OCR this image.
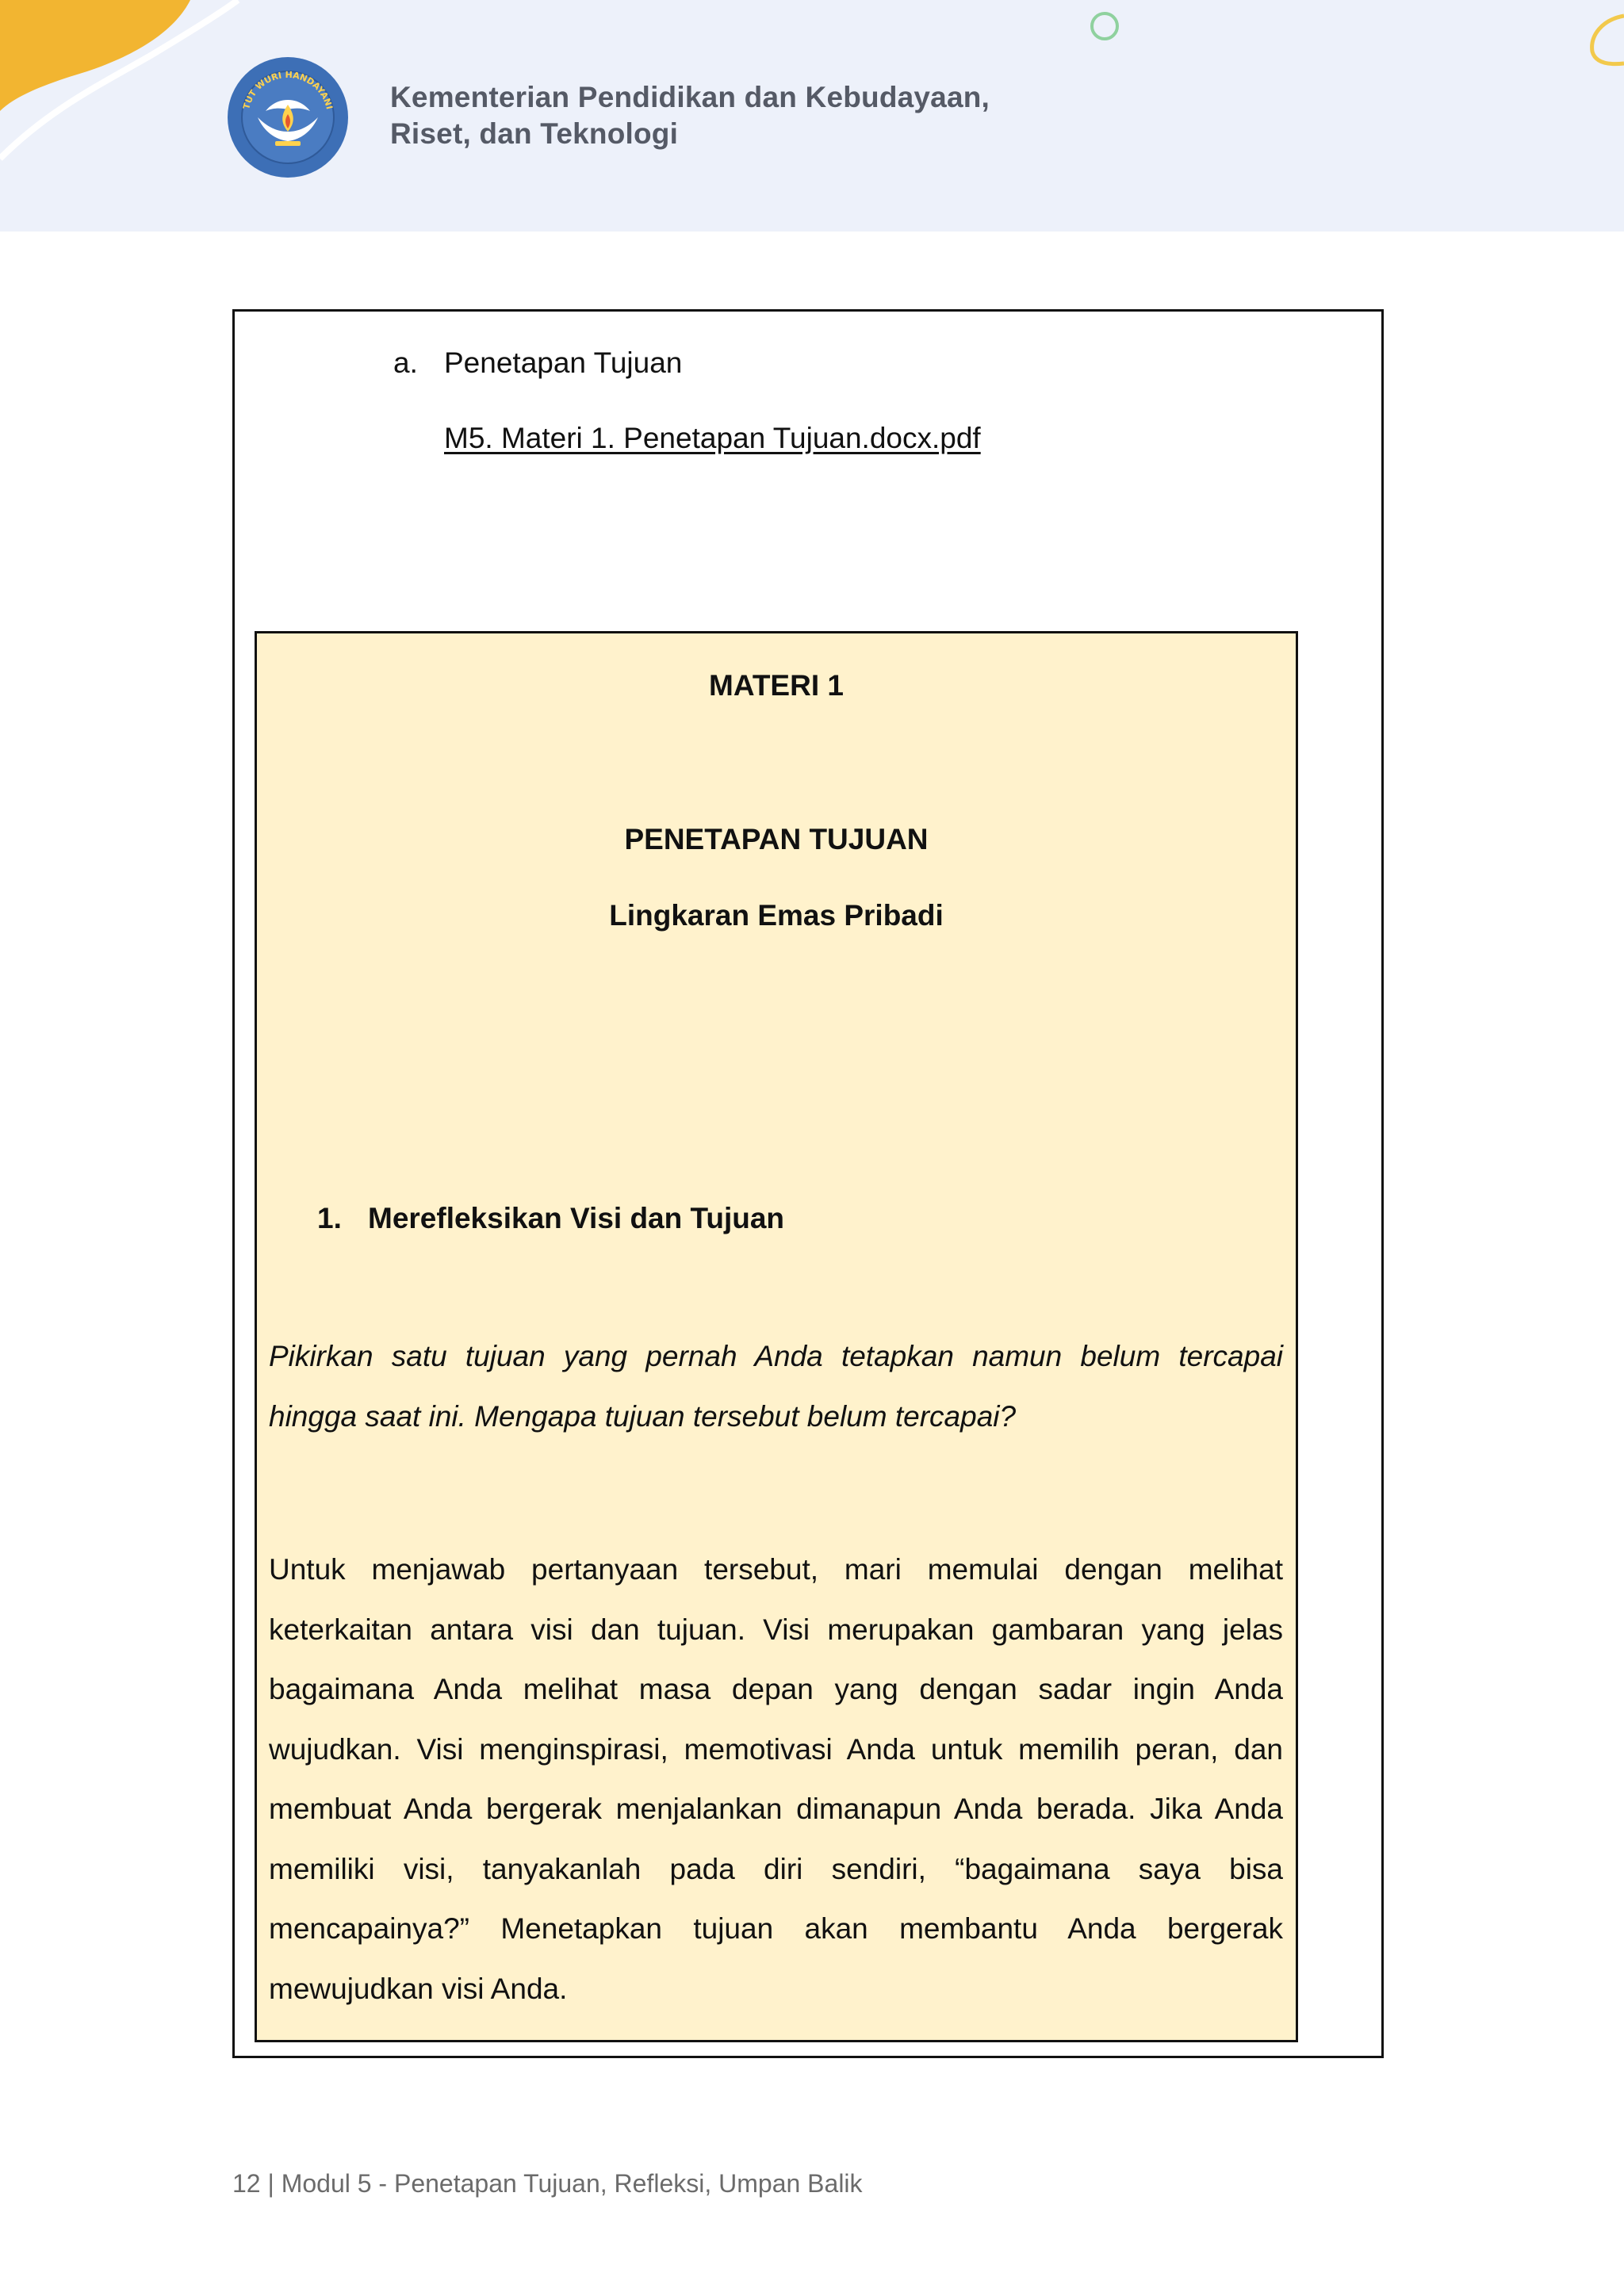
TUT WURI HANDAYANI Kementerian Pendidikan dan Kebudayaan,
Riset, dan Teknologi
a. Penetapan Tujuan
M5. Materi 1. Penetapan Tujuan.docx.pdf
MATERI 1
PENETAPAN TUJUAN
Lingkaran Emas Pribadi
1. Merefleksikan Visi dan Tujuan
Pikirkan satu tujuan yang pernah Anda tetapkan namun belum tercapai
hingga saat ini. Mengapa tujuan tersebut belum tercapai?
Untuk menjawab pertanyaan tersebut, mari memulai dengan melihat
keterkaitan antara visi dan tujuan. Visi merupakan gambaran yang jelas
bagaimana Anda melihat masa depan yang dengan sadar ingin Anda
wujudkan. Visi menginspirasi, memotivasi Anda untuk memilih peran, dan
membuat Anda bergerak menjalankan dimanapun Anda berada. Jika Anda
memiliki visi, tanyakanlah pada diri sendiri, “bagaimana saya bisa
mencapainya?” Menetapkan tujuan akan membantu Anda bergerak
mewujudkan visi Anda.
12 | Modul 5 - Penetapan Tujuan, Refleksi, Umpan Balik
